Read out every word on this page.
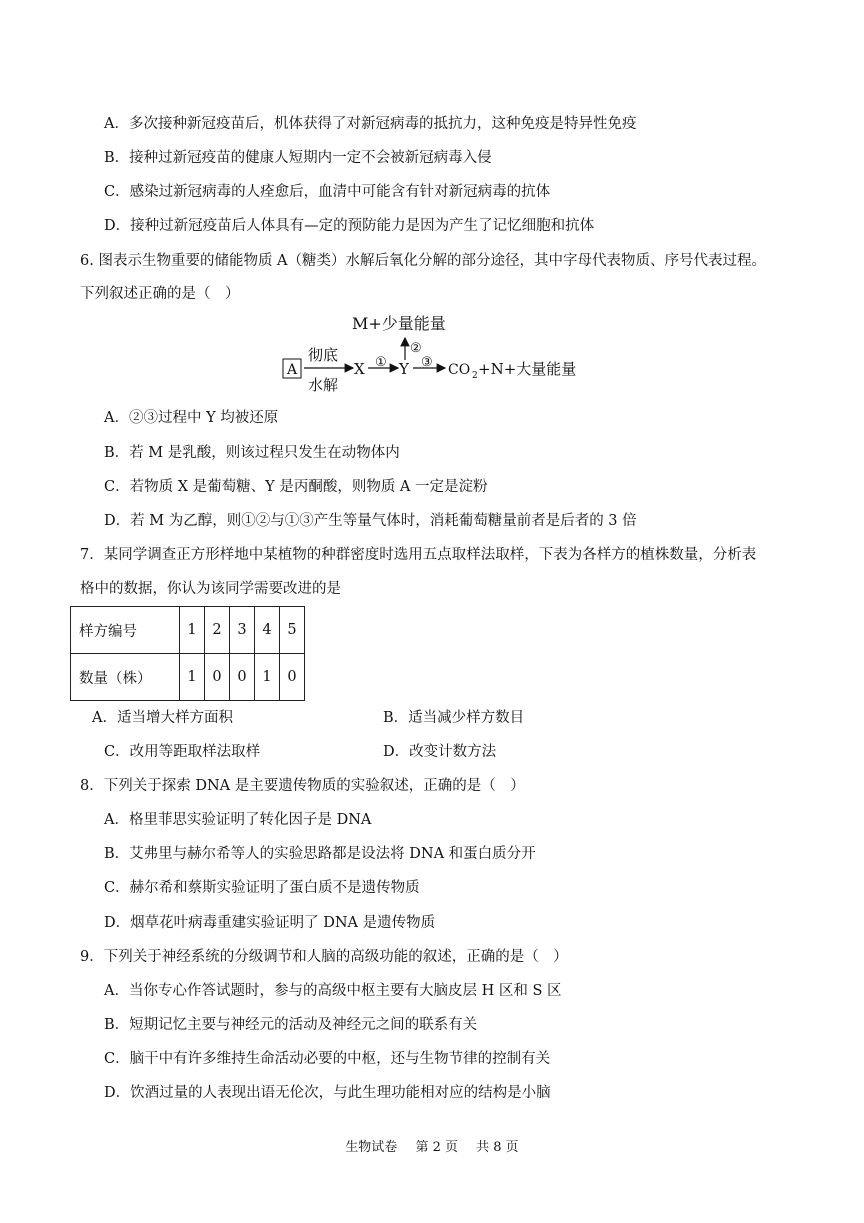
A．多次接种新冠疫苗后，机体获得了对新冠病毒的抵抗力，这种免疫是特异性免疫
B．接种过新冠疫苗的健康人短期内一定不会被新冠病毒入侵
C．感染过新冠病毒的人痊愈后，血清中可能含有针对新冠病毒的抗体
D．接种过新冠疫苗后人体具有—定的预防能力是因为产生了记忆细胞和抗体
6. 图表示生物重要的储能物质 A（糖类）水解后氧化分解的部分途径，其中字母代表物质、序号代表过程。
下列叙述正确的是（　）
M+少量能量
②
A
彻底
水解
X ① Y ③ CO 2 +N+大量能量
A．②③过程中 Y 均被还原
B．若 M 是乳酸，则该过程只发生在动物体内
C．若物质 X 是葡萄糖、Y 是丙酮酸，则物质 A 一定是淀粉
D．若 M 为乙醇，则①②与①③产生等量气体时，消耗葡萄糖量前者是后者的 3 倍
7．某同学调查正方形样地中某植物的种群密度时选用五点取样法取样，下表为各样方的植株数量，分析表
格中的数据，你认为该同学需要改进的是
样方编号	1	2	3	4	5
数量（株）	1	0	0	1	0
A．适当增大样方面积	B．适当减少样方数目
C．改用等距取样法取样	D．改变计数方法
8．下列关于探索 DNA 是主要遗传物质的实验叙述，正确的是（　）
A．格里菲思实验证明了转化因子是 DNA
B．艾弗里与赫尔希等人的实验思路都是设法将 DNA 和蛋白质分开
C．赫尔希和蔡斯实验证明了蛋白质不是遗传物质
D．烟草花叶病毒重建实验证明了 DNA 是遗传物质
9．下列关于神经系统的分级调节和人脑的高级功能的叙述，正确的是（　）
A．当你专心作答试题时，参与的高级中枢主要有大脑皮层 H 区和 S 区
B．短期记忆主要与神经元的活动及神经元之间的联系有关
C．脑干中有许多维持生命活动必要的中枢，还与生物节律的控制有关
D．饮酒过量的人表现出语无伦次，与此生理功能相对应的结构是小脑
生物试卷 第 2 页 共 8 页
